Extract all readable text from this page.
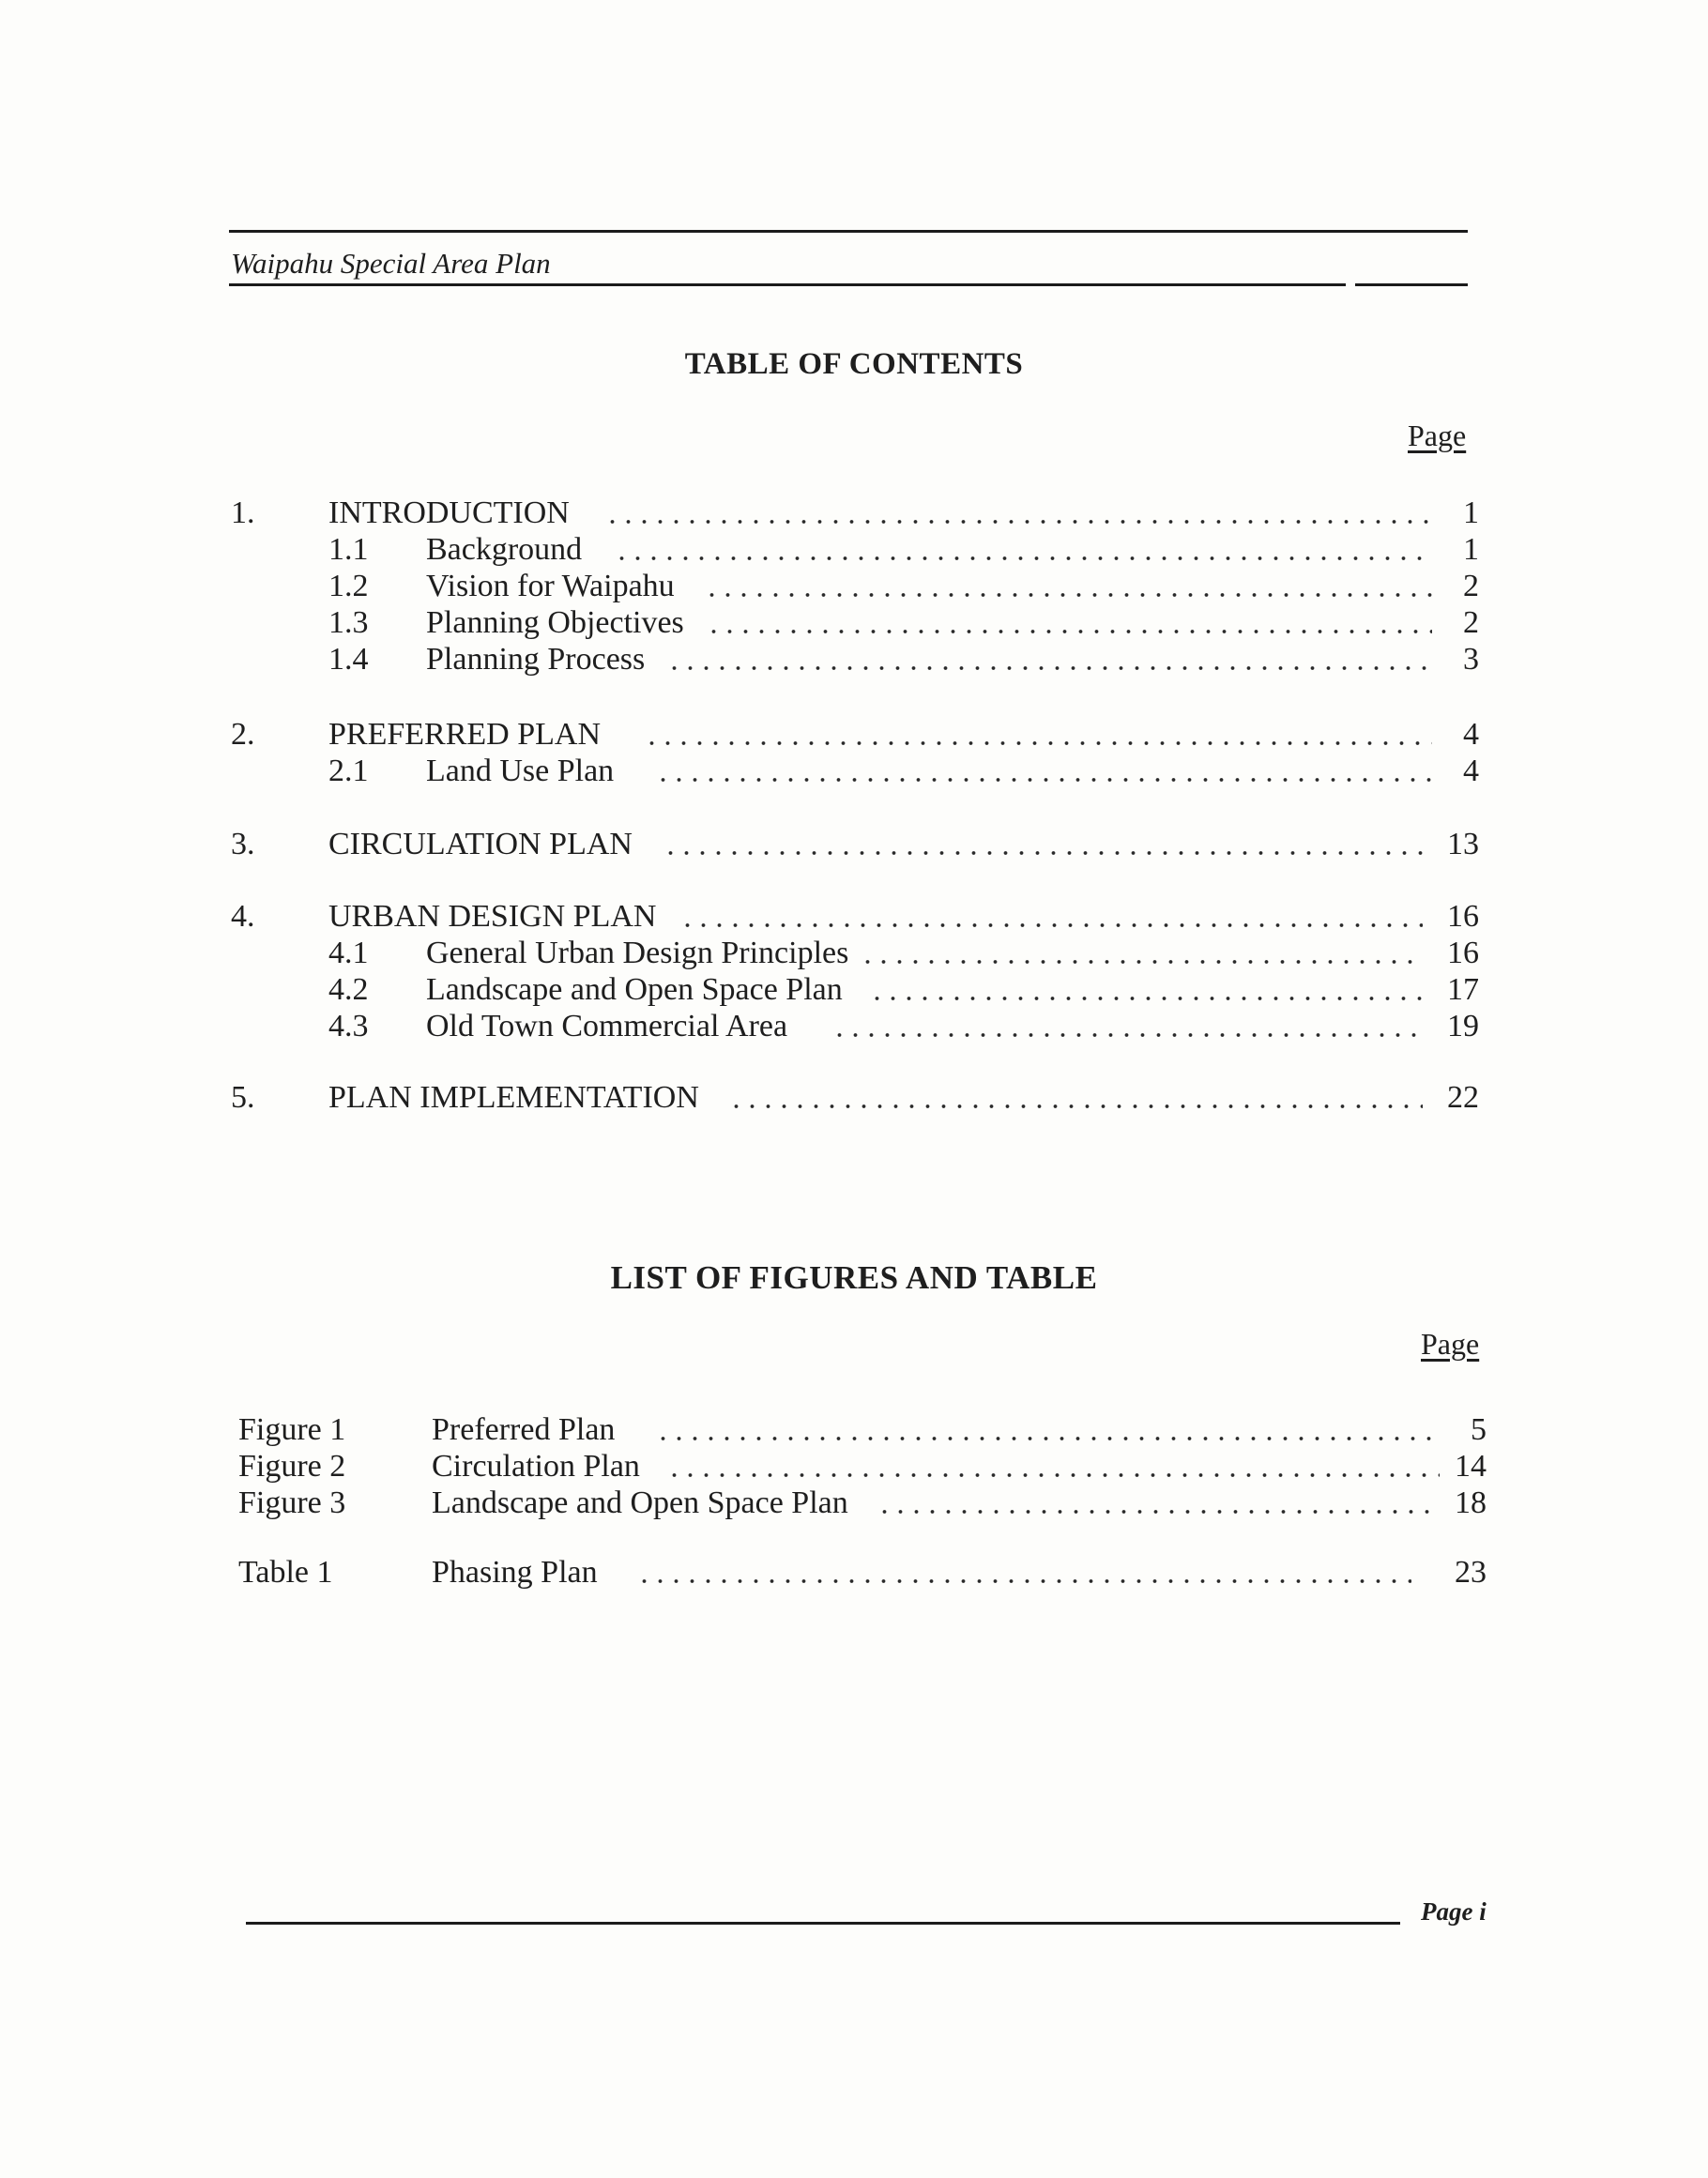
Waipahu Special Area Plan
TABLE OF CONTENTS
Page
1. INTRODUCTION	1
1.1 Background	1
1.2 Vision for Waipahu	2
1.3 Planning Objectives	2
1.4 Planning Process	3
2. PREFERRED PLAN	4
2.1 Land Use Plan	4
3. CIRCULATION PLAN	13
4. URBAN DESIGN PLAN	16
4.1 General Urban Design Principles	16
4.2 Landscape and Open Space Plan	17
4.3 Old Town Commercial Area	19
5. PLAN IMPLEMENTATION	22
LIST OF FIGURES AND TABLE
Page
Figure 1	Preferred Plan	5
Figure 2	Circulation Plan	14
Figure 3	Landscape and Open Space Plan	18
Table 1	Phasing Plan	23
Page i
